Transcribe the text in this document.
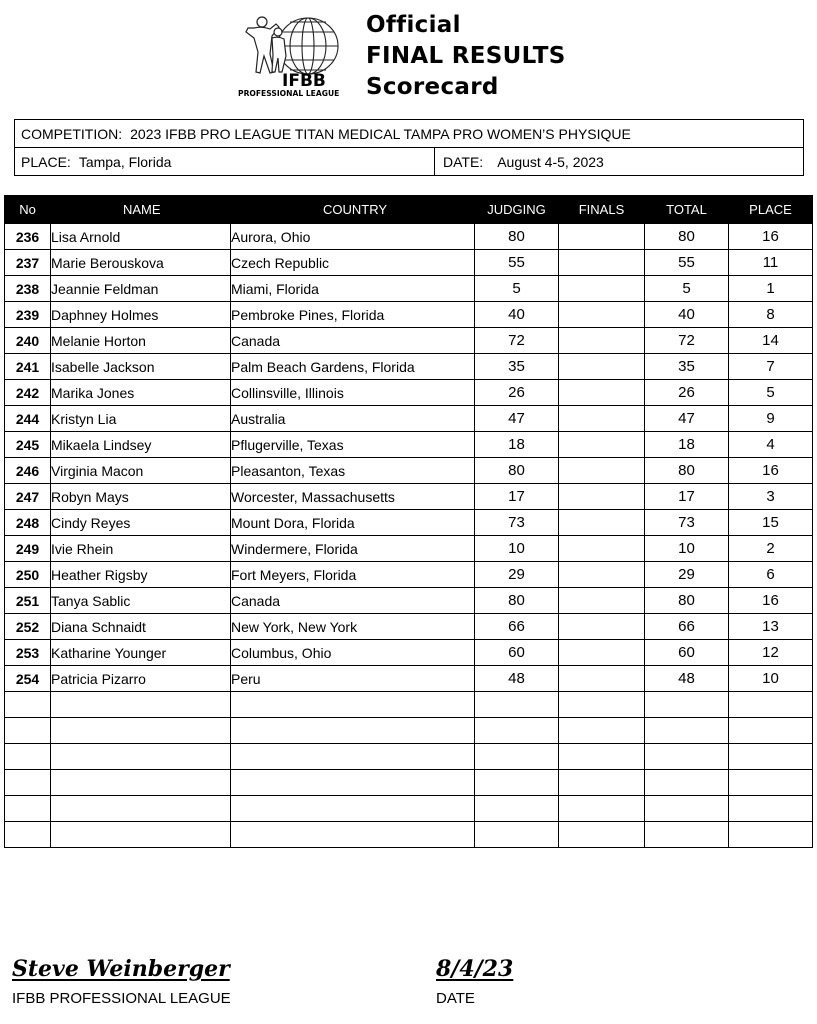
IFBB
PROFESSIONAL LEAGUE
Official
FINAL RESULTS
Scorecard
COMPETITION: 2023 IFBB PRO LEAGUE TITAN MEDICAL TAMPA PRO WOMEN’S PHYSIQUE
PLACE: Tampa, Florida	DATE: August 4-5, 2023
No	NAME	COUNTRY	JUDGING	FINALS	TOTAL	PLACE
236	Lisa Arnold	Aurora, Ohio	80		80	16
237	Marie Berouskova	Czech Republic	55		55	11
238	Jeannie Feldman	Miami, Florida	5		5	1
239	Daphney Holmes	Pembroke Pines, Florida	40		40	8
240	Melanie Horton	Canada	72		72	14
241	Isabelle Jackson	Palm Beach Gardens, Florida	35		35	7
242	Marika Jones	Collinsville, Illinois	26		26	5
244	Kristyn Lia	Australia	47		47	9
245	Mikaela Lindsey	Pflugerville, Texas	18		18	4
246	Virginia Macon	Pleasanton, Texas	80		80	16
247	Robyn Mays	Worcester, Massachusetts	17		17	3
248	Cindy Reyes	Mount Dora, Florida	73		73	15
249	Ivie Rhein	Windermere, Florida	10		10	2
250	Heather Rigsby	Fort Meyers, Florida	29		29	6
251	Tanya Sablic	Canada	80		80	16
252	Diana Schnaidt	New York, New York	66		66	13
253	Katharine Younger	Columbus, Ohio	60		60	12
254	Patricia Pizarro	Peru	48		48	10

Steve Weinberger
IFBB PROFESSIONAL LEAGUE
8/4/23
DATE
